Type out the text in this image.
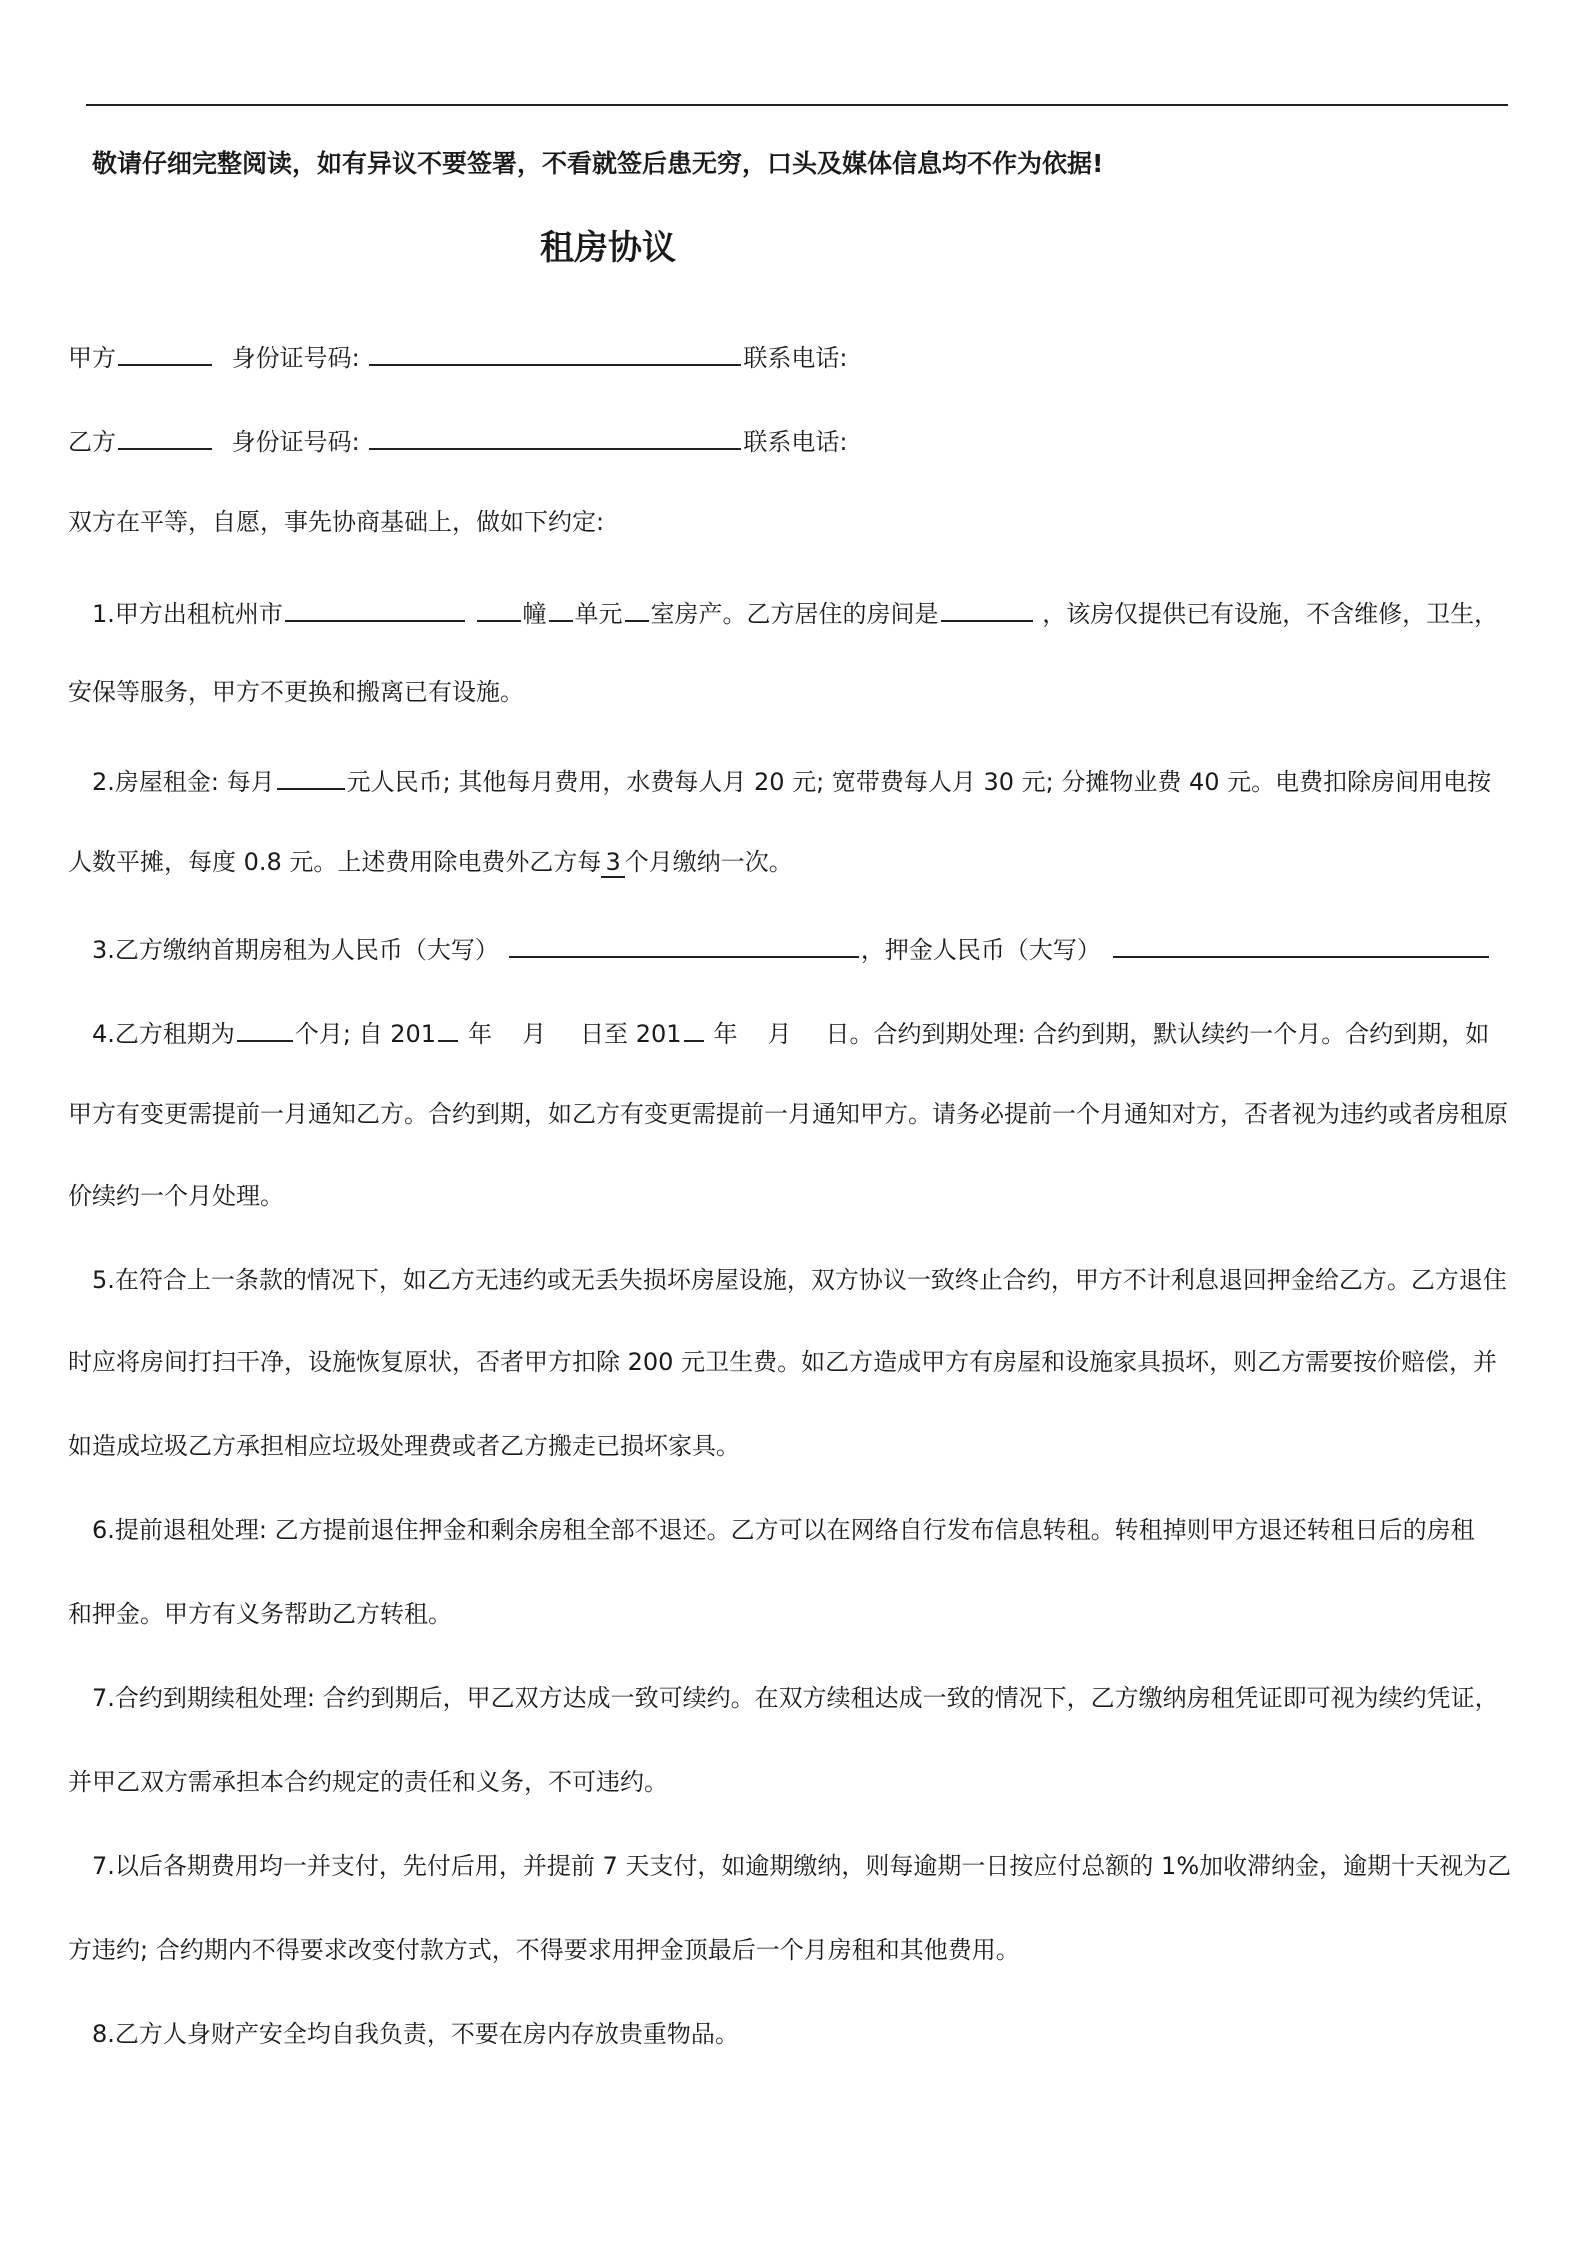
敬请仔细完整阅读，如有异议不要签署，不看就签后患无穷，口头及媒体信息均不作为依据!
租房协议
甲方	身份证号码:	联系电话:
乙方	身份证号码:	联系电话:
双方在平等，自愿，事先协商基础上，做如下约定:
1.甲方出租杭州市	幢 单元 室房产。乙方居住的房间是	，该房仅提供已有设施，不含维修，卫生，
安保等服务，甲方不更换和搬离已有设施。
2.房屋租金: 每月	元人民币; 其他每月费用，水费每人月 20 元; 宽带费每人月 30 元; 分摊物业费 40 元。电费扣除房间用电按
人数平摊，每度 0.8 元。上述费用除电费外乙方每 3 个月缴纳一次。
3.乙方缴纳首期房租为人民币（大写）	，押金人民币（大写）
4.乙方租期为	个月; 自 201 年 月 日至 201 年 月 日。合约到期处理: 合约到期，默认续约一个月。合约到期，如
甲方有变更需提前一月通知乙方。合约到期，如乙方有变更需提前一月通知甲方。请务必提前一个月通知对方，否者视为违约或者房租原
价续约一个月处理。
5.在符合上一条款的情况下，如乙方无违约或无丢失损坏房屋设施，双方协议一致终止合约，甲方不计利息退回押金给乙方。乙方退住
时应将房间打扫干净，设施恢复原状，否者甲方扣除 200 元卫生费。如乙方造成甲方有房屋和设施家具损坏，则乙方需要按价赔偿，并
如造成垃圾乙方承担相应垃圾处理费或者乙方搬走已损坏家具。
6.提前退租处理: 乙方提前退住押金和剩余房租全部不退还。乙方可以在网络自行发布信息转租。转租掉则甲方退还转租日后的房租
和押金。甲方有义务帮助乙方转租。
7.合约到期续租处理: 合约到期后，甲乙双方达成一致可续约。在双方续租达成一致的情况下，乙方缴纳房租凭证即可视为续约凭证，
并甲乙双方需承担本合约规定的责任和义务，不可违约。
7.以后各期费用均一并支付，先付后用，并提前 7 天支付，如逾期缴纳，则每逾期一日按应付总额的 1%加收滞纳金，逾期十天视为乙
方违约; 合约期内不得要求改变付款方式，不得要求用押金顶最后一个月房租和其他费用。
8.乙方人身财产安全均自我负责，不要在房内存放贵重物品。
